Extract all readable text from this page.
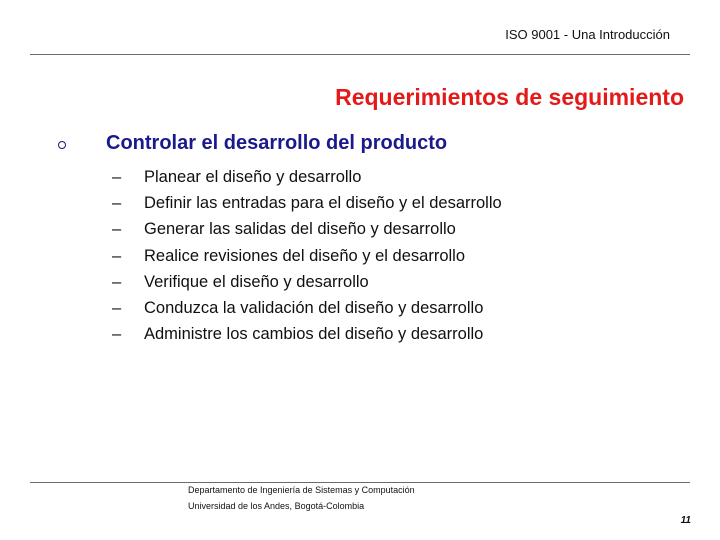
ISO 9001 - Una Introducción
Requerimientos de seguimiento
Controlar el desarrollo del producto
–	Planear el diseño y desarrollo
–	Definir las entradas para el diseño y el desarrollo
–	Generar las salidas del diseño y desarrollo
–	Realice revisiones del diseño y el desarrollo
–	Verifique el diseño y desarrollo
–	Conduzca la validación del diseño y desarrollo
–	Administre los cambios del diseño y desarrollo
Departamento de Ingeniería de Sistemas y Computación
Universidad de los Andes, Bogotá-Colombia
11
